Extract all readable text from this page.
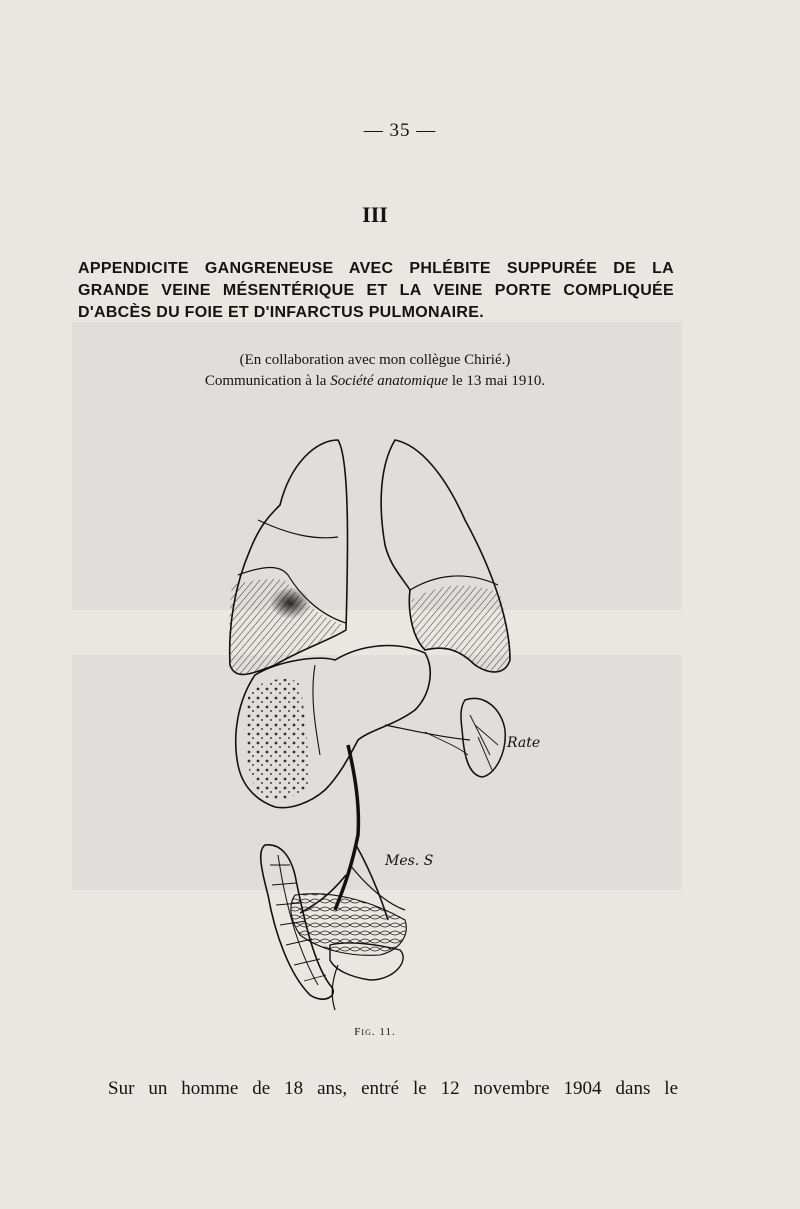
— 35 —
III
APPENDICITE GANGRENEUSE AVEC PHLÉBITE SUPPURÉE DE LA GRANDE VEINE MÉSENTÉRIQUE ET LA VEINE PORTE COMPLIQUÉE D'ABCÈS DU FOIE ET D'INFARCTUS PULMONAIRE.
(En collaboration avec mon collègue Chirié.)
Communication à la Société anatomique le 13 mai 1910.
Rate
Mes. S
Fig. 11.
Sur un homme de 18 ans, entré le 12 novembre 1904 dans le
